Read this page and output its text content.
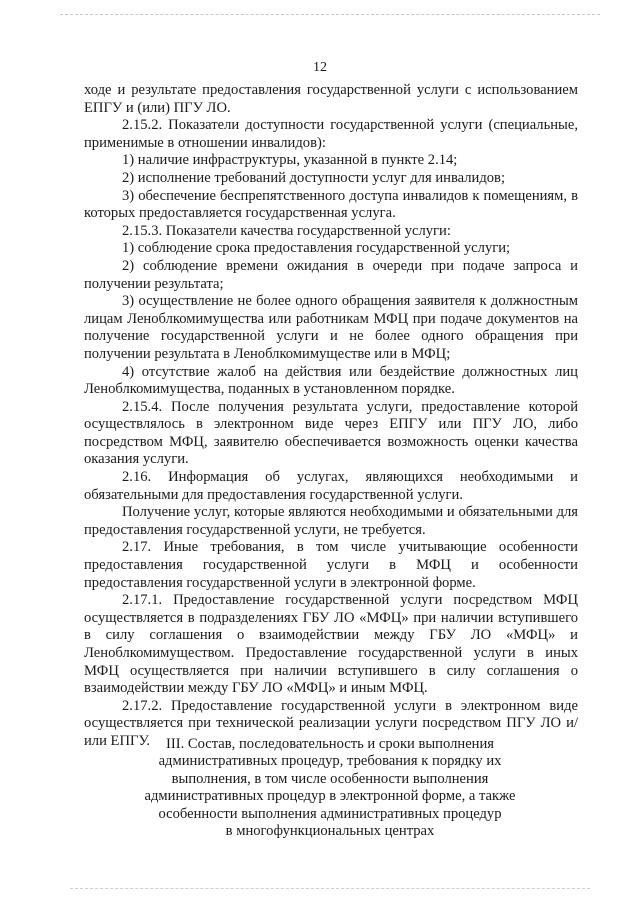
12

ходе и результате предоставления государственной услуги с использованием ЕПГУ и (или) ПГУ ЛО.

2.15.2. Показатели доступности государственной услуги (специальные, применимые в отношении инвалидов):

1) наличие инфраструктуры, указанной в пункте 2.14;

2) исполнение требований доступности услуг для инвалидов;

3) обеспечение беспрепятственного доступа инвалидов к помещениям, в которых предоставляется государственная услуга.

2.15.3. Показатели качества государственной услуги:

1) соблюдение срока предоставления государственной услуги;

2) соблюдение времени ожидания в очереди при подаче запроса и получении результата;

3) осуществление не более одного обращения заявителя к должностным лицам Леноблкомимущества или работникам МФЦ при подаче документов на получение государственной услуги и не более одного обращения при получении результата в Леноблкомимуществе или в МФЦ;

4) отсутствие жалоб на действия или бездействие должностных лиц Леноблкомимущества, поданных в установленном порядке.

2.15.4. После получения результата услуги, предоставление которой осуществлялось в электронном виде через ЕПГУ или ПГУ ЛО, либо посредством МФЦ, заявителю обеспечивается возможность оценки качества оказания услуги.

2.16. Информация об услугах, являющихся необходимыми и обязательными для предоставления государственной услуги.

Получение услуг, которые являются необходимыми и обязательными для предоставления государственной услуги, не требуется.

2.17. Иные требования, в том числе учитывающие особенности предоставления государственной услуги в МФЦ и особенности предоставления государственной услуги в электронной форме.

2.17.1. Предоставление государственной услуги посредством МФЦ осуществляется в подразделениях ГБУ ЛО «МФЦ» при наличии вступившего в силу соглашения о взаимодействии между ГБУ ЛО «МФЦ» и Леноблкомимуществом. Предоставление государственной услуги в иных МФЦ осуществляется при наличии вступившего в силу соглашения о взаимодействии между ГБУ ЛО «МФЦ» и иным МФЦ.

2.17.2. Предоставление государственной услуги в электронном виде осуществляется при технической реализации услуги посредством ПГУ ЛО и/или ЕПГУ.	III. Состав, последовательность и сроки выполнения
административных процедур, требования к порядку их
выполнения, в том числе особенности выполнения
административных процедур в электронной форме, а также
особенности выполнения административных процедур
в многофункциональных центрах
